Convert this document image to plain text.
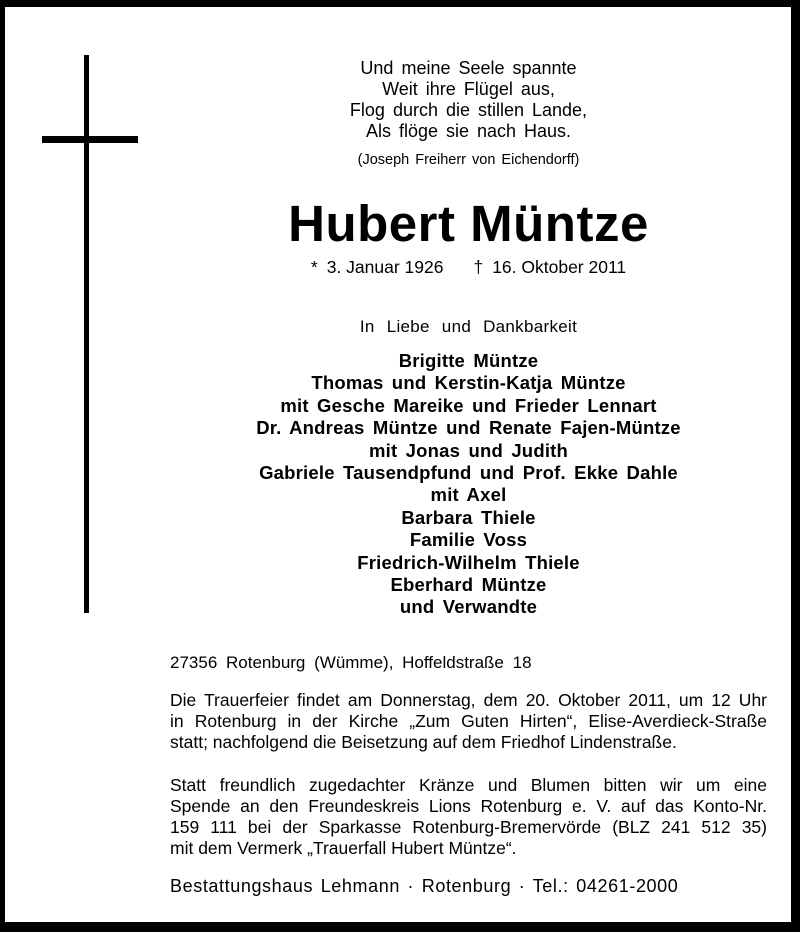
Und meine Seele spannte
Weit ihre Flügel aus,
Flog durch die stillen Lande,
Als flöge sie nach Haus.
(Joseph Freiherr von Eichendorff)
Hubert Müntze
* 3. Januar 1926 † 16. Oktober 2011
In Liebe und Dankbarkeit
Brigitte Müntze
Thomas und Kerstin-Katja Müntze
mit Gesche Mareike und Frieder Lennart
Dr. Andreas Müntze und Renate Fajen-Müntze
mit Jonas und Judith
Gabriele Tausendpfund und Prof. Ekke Dahle
mit Axel
Barbara Thiele
Familie Voss
Friedrich-Wilhelm Thiele
Eberhard Müntze
und Verwandte
27356 Rotenburg (Wümme), Hoffeldstraße 18
Die Trauerfeier findet am Donnerstag, dem 20. Oktober 2011, um 12 Uhr
in Rotenburg in der Kirche „Zum Guten Hirten“, Elise-Averdieck-Straße
statt; nachfolgend die Beisetzung auf dem Friedhof Lindenstraße.
Statt freundlich zugedachter Kränze und Blumen bitten wir um eine
Spende an den Freundeskreis Lions Rotenburg e. V. auf das Konto-Nr.
159 111 bei der Sparkasse Rotenburg-Bremervörde (BLZ 241 512 35)
mit dem Vermerk „Trauerfall Hubert Müntze“.
Bestattungshaus Lehmann · Rotenburg · Tel.: 04261-2000
